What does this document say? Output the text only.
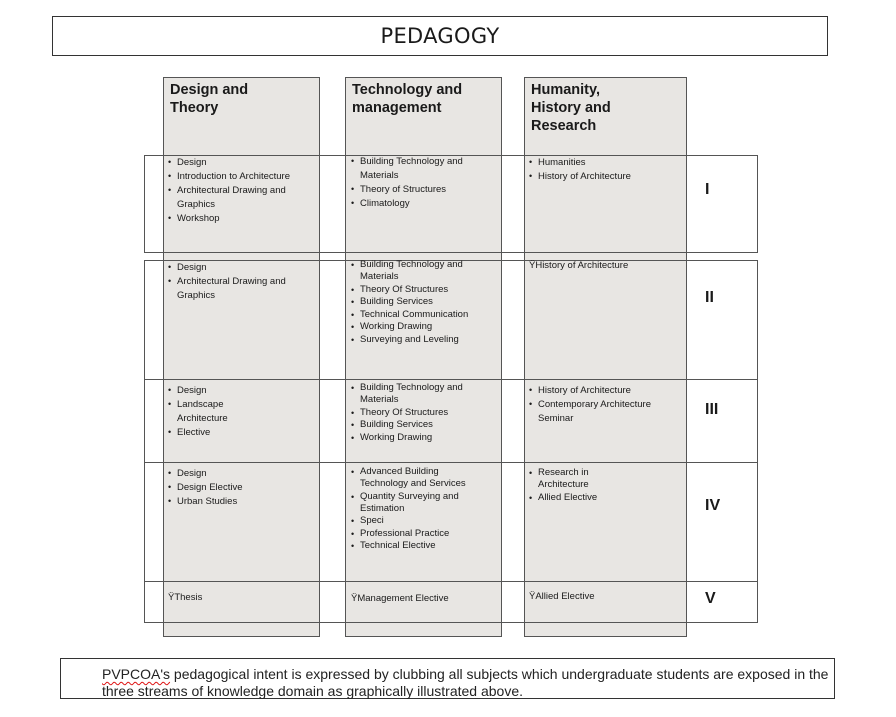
PEDAGOGY
Design and Theory
Technology and management
Humanity, History and Research
I
II
III
IV
V
• Design
• Introduction to Architecture
• Architectural Drawing and Graphics
• Workshop
• Building Technology and Materials
• Theory of Structures
• Climatology
• Humanities
• History of Architecture
• Design
• Architectural Drawing and Graphics
• Building Technology and Materials
• Theory Of Structures
• Building Services
• Technical Communication
• Working Drawing
• Surveying and Leveling
ŸHistory of Architecture
• Design
• Landscape Architecture
• Elective
• Building Technology and Materials
• Theory Of Structures
• Building Services
• Working Drawing
• History of Architecture
• Contemporary Architecture Seminar
• Design
• Design Elective
• Urban Studies
• Advanced Building Technology and Services
• Quantity Surveying and Estimation
• Speci
• Professional Practice
• Technical Elective
• Research in Architecture
• Allied Elective
ŸThesis	ŸManagement Elective	ŸAllied Elective
PVPCOA's pedagogical intent is expressed by clubbing all subjects which undergraduate students are exposed in the three streams of knowledge domain as graphically illustrated above.
